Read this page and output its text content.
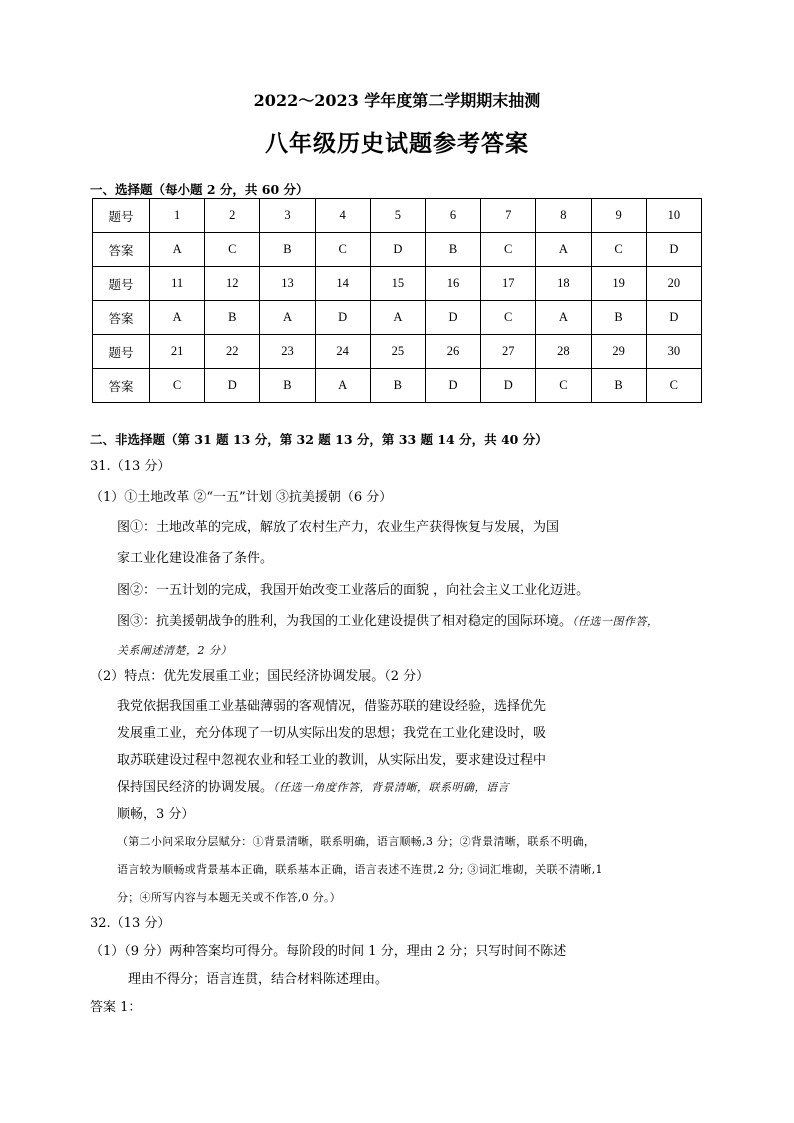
2022～2023 学年度第二学期期末抽测
八年级历史试题参考答案
一、选择题（每小题 2 分，共 60 分）
题号	1	2	3	4	5	6	7	8	9	10
答案	A	C	B	C	D	B	C	A	C	D
题号	11	12	13	14	15	16	17	18	19	20
答案	A	B	A	D	A	D	C	A	B	D
题号	21	22	23	24	25	26	27	28	29	30
答案	C	D	B	A	B	D	D	C	B	C
二、非选择题（第 31 题 13 分，第 32 题 13 分，第 33 题 14 分，共 40 分）
31.（13 分）
（1）①土地改革 ②“一五”计划 ③抗美援朝（6 分）
图①：土地改革的完成，解放了农村生产力，农业生产获得恢复与发展，为国
家工业化建设准备了条件。
图②：一五计划的完成，我国开始改变工业落后的面貌 ，向社会主义工业化迈进。
图③：抗美援朝战争的胜利，为我国的工业化建设提供了相对稳定的国际环境。（任选一图作答，
关系阐述清楚，2 分）
（2）特点：优先发展重工业；国民经济协调发展。（2 分）
我党依据我国重工业基础薄弱的客观情况，借鉴苏联的建设经验，选择优先
发展重工业，充分体现了一切从实际出发的思想；我党在工业化建设时，吸
取苏联建设过程中忽视农业和轻工业的教训，从实际出发，要求建设过程中
保持国民经济的协调发展。（任选一角度作答，背景清晰，联系明确，语言
顺畅，3 分）
（第二小问采取分层赋分：①背景清晰，联系明确，语言顺畅,3 分；②背景清晰，联系不明确，
语言较为顺畅或背景基本正确，联系基本正确，语言表述不连贯,2 分; ③词汇堆砌，关联不清晰,1
分；④所写内容与本题无关或不作答,0 分。）
32.（13 分）
（1）（9 分）两种答案均可得分。每阶段的时间 1 分，理由 2 分；只写时间不陈述
理由不得分；语言连贯，结合材料陈述理由。
答案 1：
